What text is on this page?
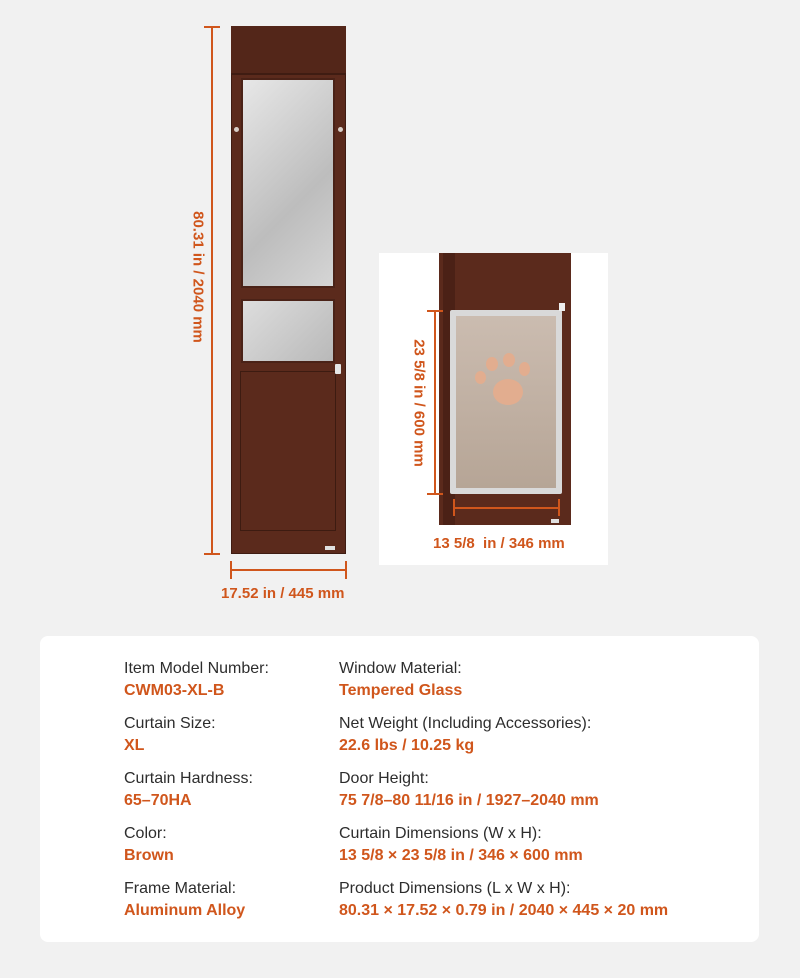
80.31 in / 2040 mm
17.52 in / 445 mm
23 5/8 in / 600 mm
13 5/8  in / 346 mm
Item Model Number:
CWM03-XL-B
Curtain Size:
XL
Curtain Hardness:
65–70HA
Color:
Brown
Frame Material:
Aluminum Alloy
Window Material:
Tempered Glass
Net Weight (Including Accessories):
22.6 lbs / 10.25 kg
Door Height:
75 7/8–80 11/16 in / 1927–2040 mm
Curtain Dimensions (W x H):
13 5/8 × 23 5/8 in / 346 × 600 mm
Product Dimensions (L x W x H):
80.31 × 17.52 × 0.79 in / 2040 × 445 × 20 mm
